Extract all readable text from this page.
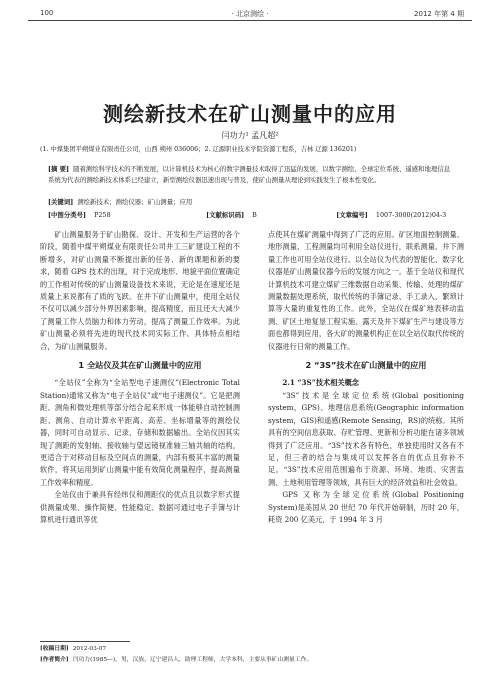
100	· 北京测绘 ·	2012 年第 4 期
测绘新技术在矿山测量中的应用
闫功力¹ 孟凡超²
(1. 中煤集团平朔煤业有限责任公司，山西 朔州 036006；2. 辽源职业技术学院资源工程系，吉林 辽源 136201)
[摘 要] 随着测绘科学技术的不断发展，以计算机技术为核心的数字测量技术取得了迅猛的发展，以数字测绘、全球定位系统、遥感和地理信息系统为代表的测绘新技术体系已经建立，新型测绘仪器迅速出现与普及，使矿山测量从理论到实践发生了根本性变化。
[关键词] 测绘新技术；测绘仪器；矿山测量；应用
[中图分类号] P258	[文献标识码] B	[文章编号] 1007-3000(2012)04-3

矿山测量服务于矿山勘探、设计、开发和生产运营的各个阶段，随着中煤平朔煤业有限责任公司井工三矿建设工程的不断增多，对矿山测量不断提出新的任务、新的课题和新的要求，随着 GPS 技术的出现，对于完成地形、地貌平面位置确定的工作相对传统的矿山测量设备技术来说，无论是在速度还是质量上来说都有了质的飞跃。在井下矿山测量中，使用全站仪不仅可以减少部分外界因素影响，提高精度，而且还大大减少了测量工作人员脑力和体力劳动，提高了测量工作效率。为此矿山测量必须将先进的现代技术同实际工作、具体特点相结合，为矿山测量服务。

1 全站仪及其在矿山测量中的应用

“全站仪”全称为“全站型电子速测仪”(Electronic Total Station)通常又称为“电子全站仪”或“电子速测仪”。它是把测距、测角和微处理机等部分结合起来形成一体能够自动控制测距、测角、自动计算水平距离、高差、坐标增量等的测绘仪器，同时可自动显示、记录、存储和数据输出。全站仪因其实现了测距的发射轴、接收轴与望远镜视准轴三轴共轴的结构，更适合于对移动目标及空间点的测量，内部有极其丰富的测量软件，将其运用到矿山测量中能有效简化测量程序，提高测量工作效率和精度。

全站仪由于兼具有经纬仪和测距仪的优点且以数字形式提供测量成果、操作简便、性能稳定、数据可通过电子手簿与计算机进行通讯等优

点使其在煤矿测量中得到了广泛的应用。矿区地面控制测量、地形测量、工程测量均可利用全站仪进行，联系测量、井下测量工作也可用全站仪进行。以全站仪为代表的智能化、数字化仪器是矿山测量仪器今后的发展方向之一。基于全站仪和现代计算机技术可建立煤矿三维数据自动采集、传输、处理的煤矿测量数据处理系统，取代传统的手簿记录、手工录入、繁琐计算等大量的重复性的工作。此外，全站仪在煤矿地表移动监测、矿区土地复垦工程实施、露天及井下煤矿生产与建设等方面也都得到应用，各大矿的测量机构正在以全站仪取代传统的仪器进行日常的测量工作。

2 “3S”技术在矿山测量中的应用

2.1 “3S”技术相关概念

“3S”技术是全球定位系统(Global positioning system，GPS)、地理信息系统(Geographic information system，GIS)和遥感(Remote Sensing，RS)的统称。其所具有的空间信息获取、存贮管理、更新和分析功能在诸多领域得到了广泛应用。“3S”技术各有特色，单独使用时又各有不足，但三者的结合与集成可以发挥各自的优点且弥补不足。“3S”技术应用范围遍布于资源、环境、地质、灾害监测、土地利用管理等领域，具有巨大的经济效益和社会效益。

GPS 又称为全球定位系统(Global Positioning System)是美国从 20 世纪 70 年代开始研制，历时 20 年，耗资 200 亿美元，于 1994 年 3 月

[收稿日期] 2012-03-07
[作者简介] 闫功力(1985—)，男，汉族，辽宁建昌人，助理工程师，大学本科，主要从事矿山测量工作。
